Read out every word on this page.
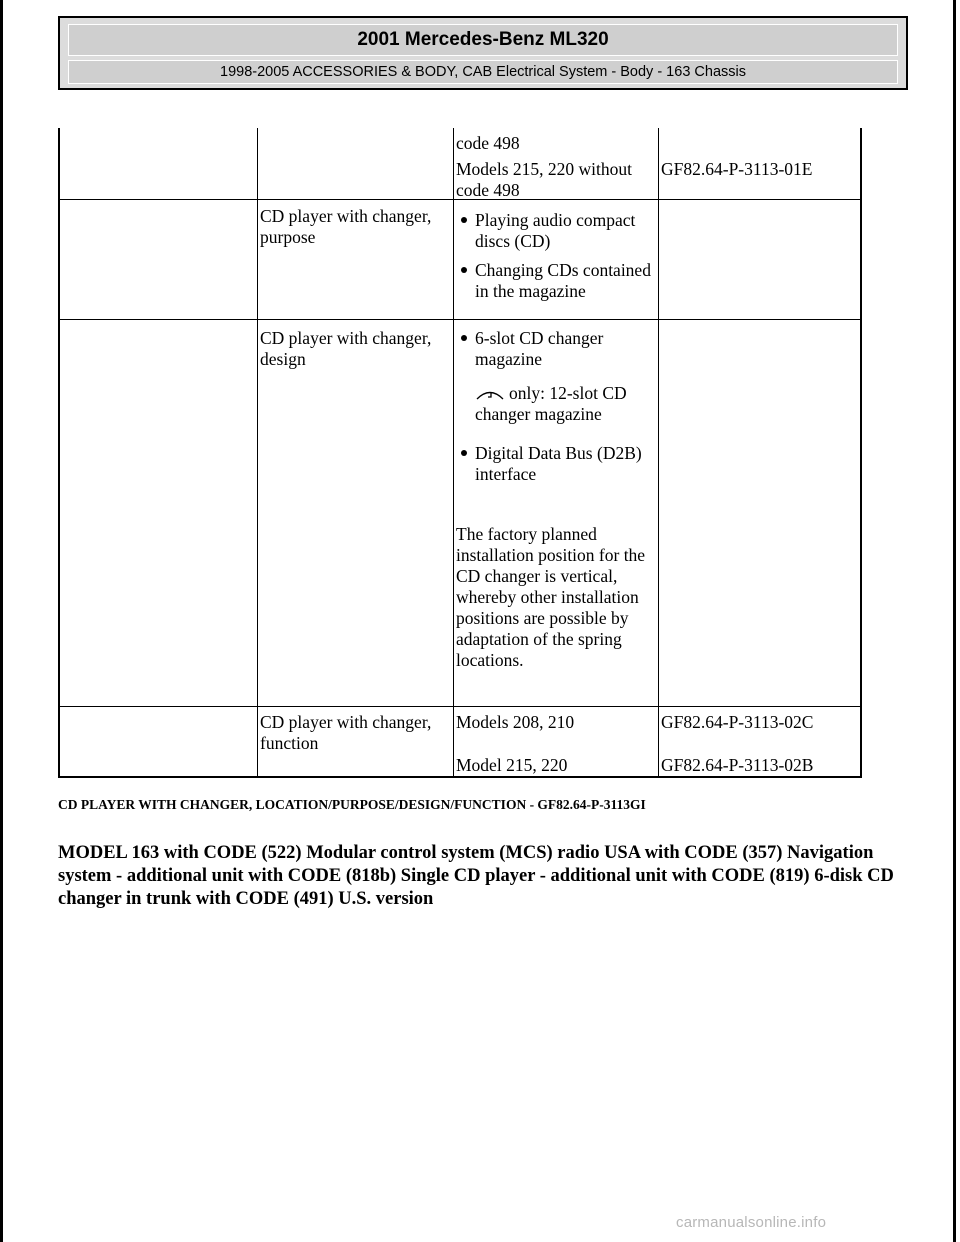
2001 Mercedes-Benz ML320
1998-2005 ACCESSORIES & BODY, CAB Electrical System - Body - 163 Chassis
code 498
Models 215, 220 without code 498
GF82.64-P-3113-01E
CD player with changer, purpose

Playing audio compact discs (CD)

Changing CDs contained in the magazine

CD player with changer, design

6-slot CD changer magazine

only: 12-slot CD changer magazine

Digital Data Bus (D2B) interface

The factory planned installation position for the CD changer is vertical, whereby other installation positions are possible by adaptation of the spring locations.

CD player with changer, function
Models 208, 210	GF82.64-P-3113-02C
Model 215, 220	GF82.64-P-3113-02B
CD PLAYER WITH CHANGER, LOCATION/PURPOSE/DESIGN/FUNCTION - GF82.64-P-3113GI
MODEL 163 with CODE (522) Modular control system (MCS) radio USA with CODE (357) Navigation system - additional unit with CODE (818b) Single CD player - additional unit with CODE (819) 6-disk CD changer in trunk with CODE (491) U.S. version
carmanualsonline.info
